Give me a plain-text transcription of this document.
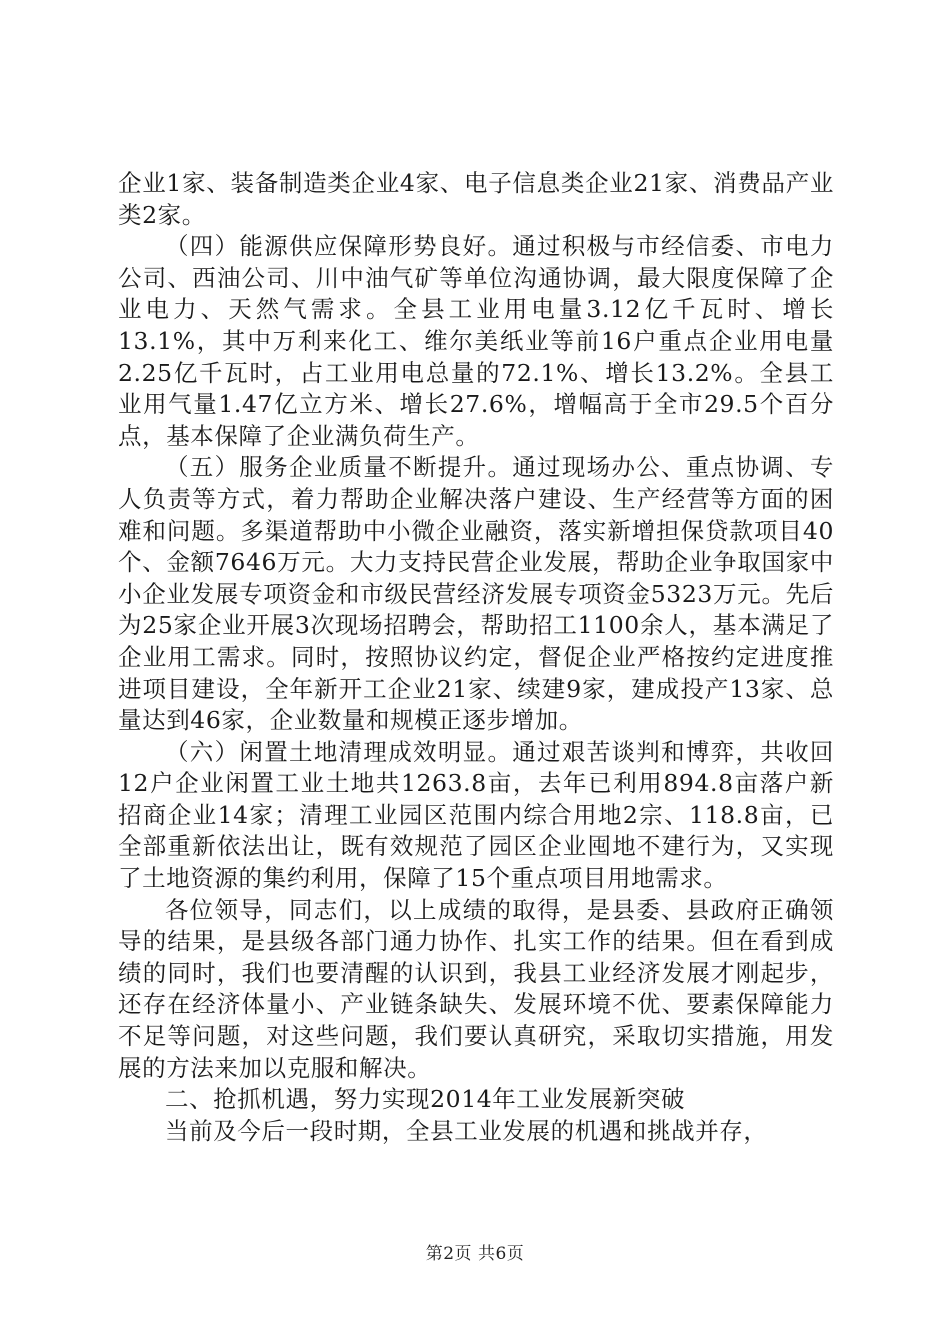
企业1家、装备制造类企业4家、电子信息类企业21家、消费品产业类2家。

（四）能源供应保障形势良好。通过积极与市经信委、市电力公司、西油公司、川中油气矿等单位沟通协调，最大限度保障了企业电力、天然气需求。全县工业用电量3.12亿千瓦时、增长13.1%，其中万利来化工、维尔美纸业等前16户重点企业用电量2.25亿千瓦时，占工业用电总量的72.1%、增长13.2%。全县工业用气量1.47亿立方米、增长27.6%，增幅高于全市29.5个百分点，基本保障了企业满负荷生产。

（五）服务企业质量不断提升。通过现场办公、重点协调、专人负责等方式，着力帮助企业解决落户建设、生产经营等方面的困难和问题。多渠道帮助中小微企业融资，落实新增担保贷款项目40个、金额7646万元。大力支持民营企业发展，帮助企业争取国家中小企业发展专项资金和市级民营经济发展专项资金5323万元。先后为25家企业开展3次现场招聘会，帮助招工1100余人，基本满足了企业用工需求。同时，按照协议约定，督促企业严格按约定进度推进项目建设，全年新开工企业21家、续建9家，建成投产13家、总量达到46家，企业数量和规模正逐步增加。

（六）闲置土地清理成效明显。通过艰苦谈判和博弈，共收回12户企业闲置工业土地共1263.8亩，去年已利用894.8亩落户新招商企业14家；清理工业园区范围内综合用地2宗、118.8亩，已全部重新依法出让，既有效规范了园区企业囤地不建行为，又实现了土地资源的集约利用，保障了15个重点项目用地需求。

各位领导，同志们，以上成绩的取得，是县委、县政府正确领导的结果，是县级各部门通力协作、扎实工作的结果。但在看到成绩的同时，我们也要清醒的认识到，我县工业经济发展才刚起步，还存在经济体量小、产业链条缺失、发展环境不优、要素保障能力不足等问题，对这些问题，我们要认真研究，采取切实措施，用发展的方法来加以克服和解决。

二、抢抓机遇，努力实现2014年工业发展新突破

当前及今后一段时期，全县工业发展的机遇和挑战并存，

第2页 共6页
